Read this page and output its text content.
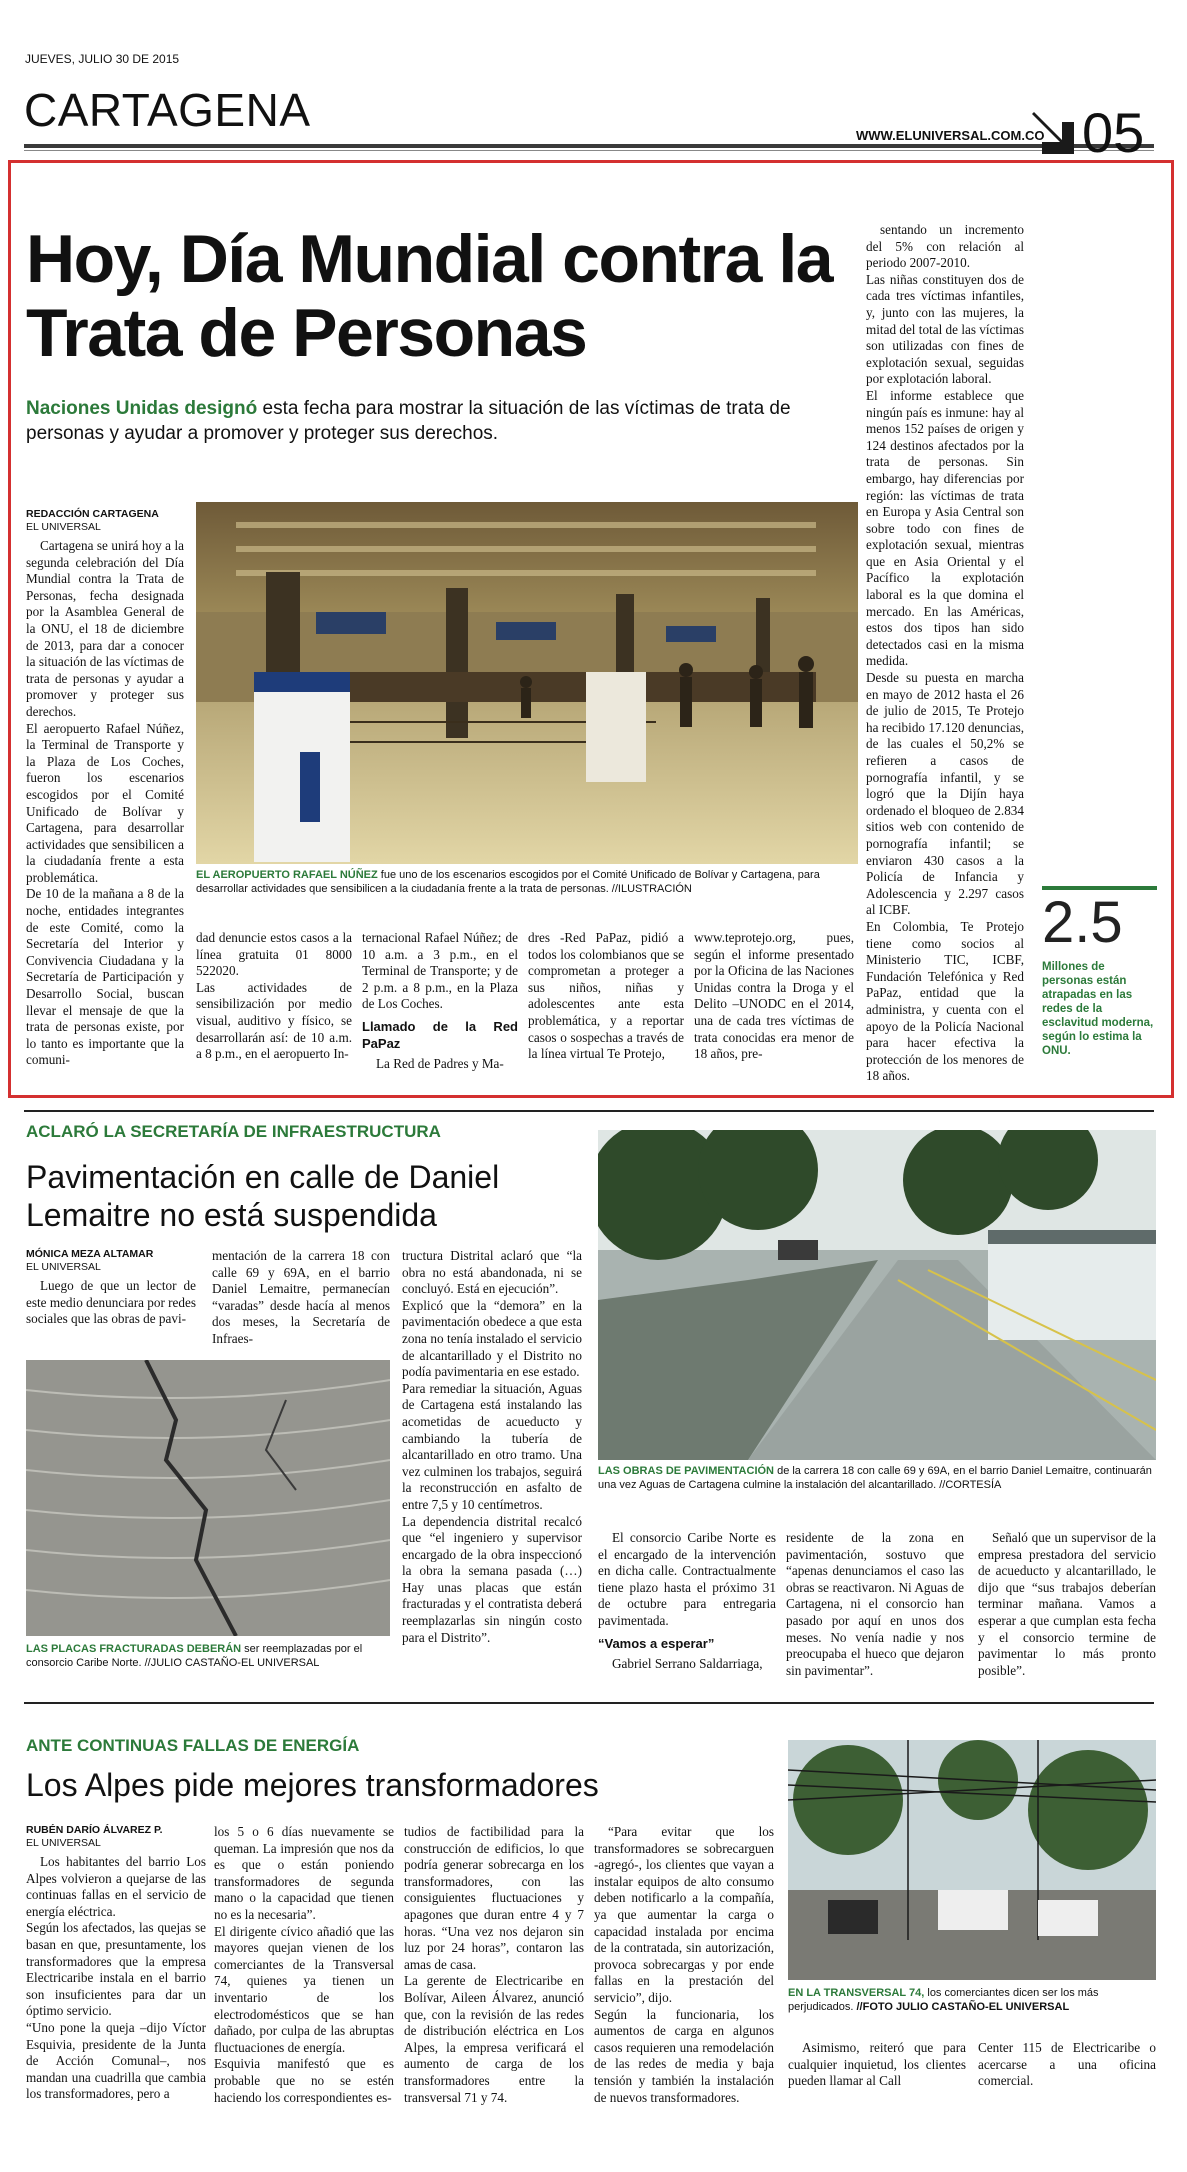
JUEVES, JULIO 30 DE 2015
CARTAGENA	WWW.ELUNIVERSAL.COM.CO 05
Hoy, Día Mundial contra la Trata de Personas
Naciones Unidas designó esta fecha para mostrar la situación de las víctimas de trata de personas y ayudar a promover y proteger sus derechos.
REDACCIÓN CARTAGENA
EL UNIVERSAL

Cartagena se unirá hoy a la segunda celebración del Día Mundial contra la Trata de Personas, fecha designada por la Asamblea General de la ONU, el 18 de diciembre de 2013, para dar a conocer la situación de las víctimas de trata de personas y ayudar a promover y proteger sus derechos.
El aeropuerto Rafael Núñez, la Terminal de Transporte y la Plaza de Los Coches, fueron los escenarios escogidos por el Comité Unificado de Bolívar y Cartagena, para desarrollar actividades que sensibilicen a la ciudadanía frente a esta problemática.
De 10 de la mañana a 8 de la noche, entidades integrantes de este Comité, como la Secretaría del Interior y Convivencia Ciudadana y la Secretaría de Participación y Desarrollo Social, buscan llevar el mensaje de que la trata de personas existe, por lo tanto es importante que la comuni-

EL AEROPUERTO RAFAEL NÚÑEZ fue uno de los escenarios escogidos por el Comité Unificado de Bolívar y Cartagena, para desarrollar actividades que sensibilicen a la ciudadanía frente a la trata de personas. //ILUSTRACIÓN

dad denuncie estos casos a la línea gratuita 01 8000 522020.
Las actividades de sensibilización por medio visual, auditivo y físico, se desarrollarán así: de 10 a.m. a 8 p.m., en el aeropuerto In-

ternacional Rafael Núñez; de 10 a.m. a 3 p.m., en el Terminal de Transporte; y de 2 p.m. a 8 p.m., en la Plaza de Los Coches.

Llamado de la Red PaPaz

La Red de Padres y Ma-

dres -Red PaPaz, pidió a todos los colombianos que se comprometan a proteger a sus niños, niñas y adolescentes ante esta problemática, y a reportar casos o sospechas a través de la línea virtual Te Protejo,

www.teprotejo.org, pues, según el informe presentado por la Oficina de las Naciones Unidas contra la Droga y el Delito –UNODC en el 2014, una de cada tres víctimas de trata conocidas era menor de 18 años, pre-

sentando un incremento del 5% con relación al periodo 2007-2010.
Las niñas constituyen dos de cada tres víctimas infantiles, y, junto con las mujeres, la mitad del total de las víctimas son utilizadas con fines de explotación sexual, seguidas por explotación laboral.
El informe establece que ningún país es inmune: hay al menos 152 países de origen y 124 destinos afectados por la trata de personas. Sin embargo, hay diferencias por región: las víctimas de trata en Europa y Asia Central son sobre todo con fines de explotación sexual, mientras que en Asia Oriental y el Pacífico la explotación laboral es la que domina el mercado. En las Américas, estos dos tipos han sido detectados casi en la misma medida.
Desde su puesta en marcha en mayo de 2012 hasta el 26 de julio de 2015, Te Protejo ha recibido 17.120 denuncias, de las cuales el 50,2% se refieren a casos de pornografía infantil, y se logró que la Dijín haya ordenado el bloqueo de 2.834 sitios web con contenido de pornografía infantil; se enviaron 430 casos a la Policía de Infancia y Adolescencia y 2.297 casos al ICBF.
En Colombia, Te Protejo tiene como socios al Ministerio TIC, ICBF, Fundación Telefónica y Red PaPaz, entidad que la administra, y cuenta con el apoyo de la Policía Nacional para hacer efectiva la protección de los menores de 18 años.

2.5
Millones de personas están atrapadas en las redes de la esclavitud moderna, según lo estima la ONU.
ACLARÓ LA SECRETARÍA DE INFRAESTRUCTURA
Pavimentación en calle de Daniel Lemaitre no está suspendida
MÓNICA MEZA ALTAMAR
EL UNIVERSAL

Luego de que un lector de este medio denunciara por redes sociales que las obras de pavi-

mentación de la carrera 18 con calle 69 y 69A, en el barrio Daniel Lemaitre, permanecían “varadas” desde hacía al menos dos meses, la Secretaría de Infraes-

tructura Distrital aclaró que “la obra no está abandonada, ni se concluyó. Está en ejecución”.
Explicó que la “demora” en la pavimentación obedece a que esta zona no tenía instalado el servicio de alcantarillado y el Distrito no podía pavimentaria en ese estado.
Para remediar la situación, Aguas de Cartagena está instalando las acometidas de acueducto y cambiando la tubería de alcantarillado en otro tramo. Una vez culminen los trabajos, seguirá la reconstrucción en asfalto de entre 7,5 y 10 centímetros.
La dependencia distrital recalcó que “el ingeniero y supervisor encargado de la obra inspeccionó la obra la semana pasada (…) Hay unas placas que están fracturadas y el contratista deberá reemplazarlas sin ningún costo para el Distrito”.

LAS PLACAS FRACTURADAS DEBERÁN ser reemplazadas por el consorcio Caribe Norte. //JULIO CASTAÑO-EL UNIVERSAL
LAS OBRAS DE PAVIMENTACIÓN de la carrera 18 con calle 69 y 69A, en el barrio Daniel Lemaitre, continuarán una vez Aguas de Cartagena culmine la instalación del alcantarillado. //CORTESÍA

El consorcio Caribe Norte es el encargado de la intervención en dicha calle. Contractualmente tiene plazo hasta el próximo 31 de octubre para entregaria pavimentada.

“Vamos a esperar”

Gabriel Serrano Saldarriaga,

residente de la zona en pavimentación, sostuvo que “apenas denunciamos el caso las obras se reactivaron. Ni Aguas de Cartagena, ni el consorcio han pasado por aquí en unos dos meses. No venía nadie y nos preocupaba el hueco que dejaron sin pavimentar”.

Señaló que un supervisor de la empresa prestadora del servicio de acueducto y alcantarillado, le dijo que “sus trabajos deberían terminar mañana. Vamos a esperar a que cumplan esta fecha y el consorcio termine de pavimentar lo más pronto posible”.

ANTE CONTINUAS FALLAS DE ENERGÍA
Los Alpes pide mejores transformadores
RUBÉN DARÍO ÁLVAREZ P.
EL UNIVERSAL

Los habitantes del barrio Los Alpes volvieron a quejarse de las continuas fallas en el servicio de energía eléctrica.
Según los afectados, las quejas se basan en que, presuntamente, los transformadores que la empresa Electricaribe instala en el barrio son insuficientes para dar un óptimo servicio.
“Uno pone la queja –dijo Víctor Esquivia, presidente de la Junta de Acción Comunal–, nos mandan una cuadrilla que cambia los transformadores, pero a

los 5 o 6 días nuevamente se queman. La impresión que nos da es que o están poniendo transformadores de segunda mano o la capacidad que tienen no es la necesaria”.
El dirigente cívico añadió que las mayores quejan vienen de los comerciantes de la Transversal 74, quienes ya tienen un inventario de los electrodomésticos que se han dañado, por culpa de las abruptas fluctuaciones de energía.
Esquivia manifestó que es probable que no se estén haciendo los correspondientes es-

tudios de factibilidad para la construcción de edificios, lo que podría generar sobrecarga en los transformadores, con las consiguientes fluctuaciones y apagones que duran entre 4 y 7 horas. “Una vez nos dejaron sin luz por 24 horas”, contaron las amas de casa.
La gerente de Electricaribe en Bolívar, Aileen Álvarez, anunció que, con la revisión de las redes de distribución eléctrica en Los Alpes, la empresa verificará el aumento de carga de los transformadores entre la transversal 71 y 74.

“Para evitar que los transformadores se sobrecarguen -agregó-, los clientes que vayan a instalar equipos de alto consumo deben notificarlo a la compañía, ya que aumentar la carga o capacidad instalada por encima de la contratada, sin autorización, provoca sobrecargas y por ende fallas en la prestación del servicio”, dijo.
Según la funcionaria, los aumentos de carga en algunos casos requieren una remodelación de las redes de media y baja tensión y también la instalación de nuevos transformadores.

EN LA TRANSVERSAL 74, los comerciantes dicen ser los más perjudicados. //FOTO JULIO CASTAÑO-EL UNIVERSAL

Asimismo, reiteró que para cualquier inquietud, los clientes pueden llamar al Call

Center 115 de Electricaribe o acercarse a una oficina comercial.
